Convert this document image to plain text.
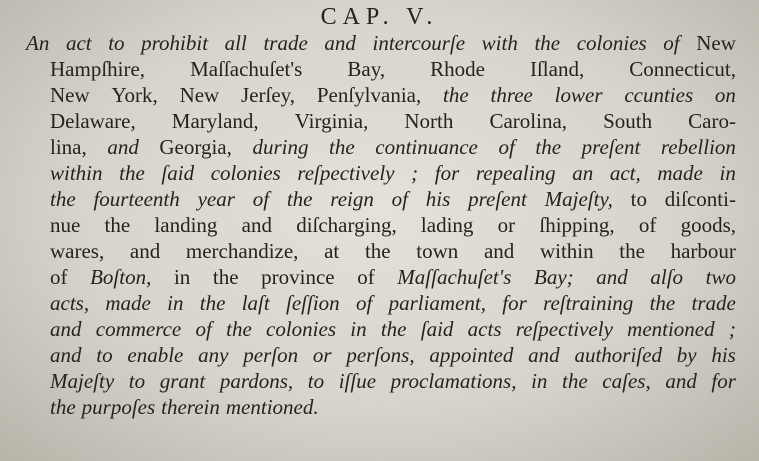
CAP. V.
An act to prohibit all trade and intercourſe with the colonies of New
Hampſhire, Maſſachuſet's Bay, Rhode Iſland, Connecticut,
New York, New Jerſey, Penſylvania, the three lower ccunties on
Delaware, Maryland, Virginia, North Carolina, South Caro-
lina, and Georgia, during the continuance of the preſent rebellion
within the ſaid colonies reſpectively ; for repealing an act, made in
the fourteenth year of the reign of his preſent Majeſty, to diſconti-
nue the landing and diſcharging, lading or ſhipping, of goods,
wares, and merchandize, at the town and within the harbour
of Boſton, in the province of Maſſachuſet's Bay; and alſo two
acts, made in the laſt ſeſſion of parliament, for reſtraining the trade
and commerce of the colonies in the ſaid acts reſpectively mentioned ;
and to enable any perſon or perſons, appointed and authoriſed by his
Majeſty to grant pardons, to iſſue proclamations, in the caſes, and for
the purpoſes therein mentioned.
